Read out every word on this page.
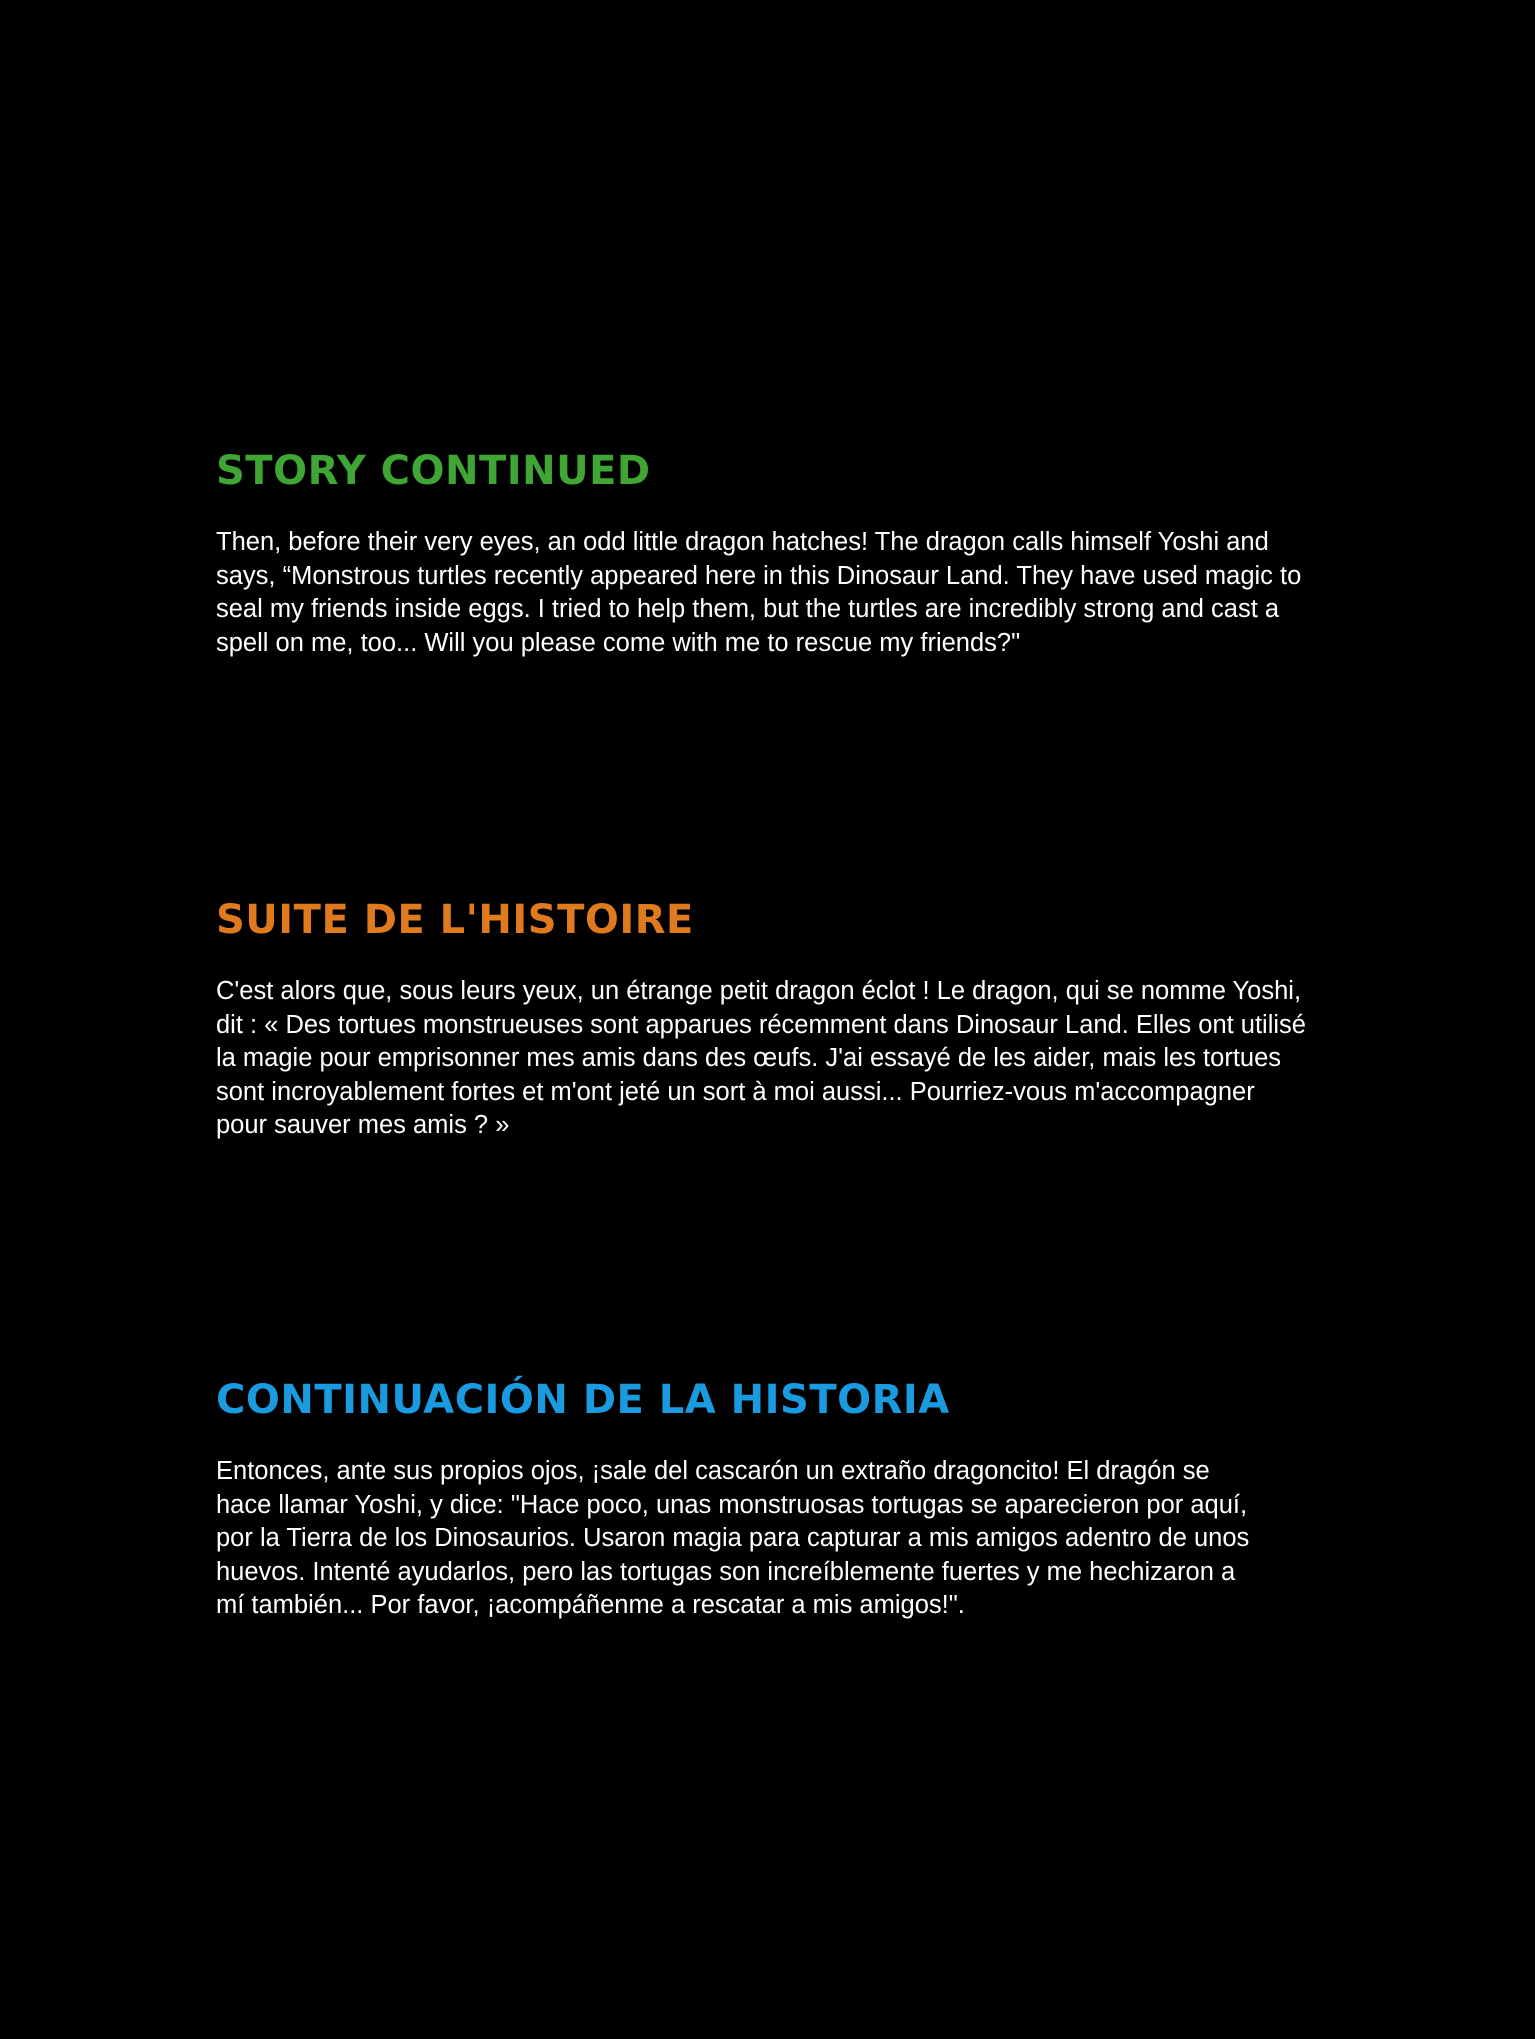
STORY CONTINUED

Then, before their very eyes, an odd little dragon hatches! The dragon calls himself Yoshi and
says, “Monstrous turtles recently appeared here in this Dinosaur Land. They have used magic to
seal my friends inside eggs. I tried to help them, but the turtles are incredibly strong and cast a
spell on me, too... Will you please come with me to rescue my friends?"

SUITE DE L'HISTOIRE

C'est alors que, sous leurs yeux, un étrange petit dragon éclot ! Le dragon, qui se nomme Yoshi,
dit : « Des tortues monstrueuses sont apparues récemment dans Dinosaur Land. Elles ont utilisé
la magie pour emprisonner mes amis dans des œufs. J'ai essayé de les aider, mais les tortues
sont incroyablement fortes et m'ont jeté un sort à moi aussi... Pourriez-vous m'accompagner
pour sauver mes amis ? »

CONTINUACIÓN DE LA HISTORIA

Entonces, ante sus propios ojos, ¡sale del cascarón un extraño dragoncito! El dragón se
hace llamar Yoshi, y dice: "Hace poco, unas monstruosas tortugas se aparecieron por aquí,
por la Tierra de los Dinosaurios. Usaron magia para capturar a mis amigos adentro de unos
huevos. Intenté ayudarlos, pero las tortugas son increíblemente fuertes y me hechizaron a
mí también... Por favor, ¡acompáñenme a rescatar a mis amigos!".
